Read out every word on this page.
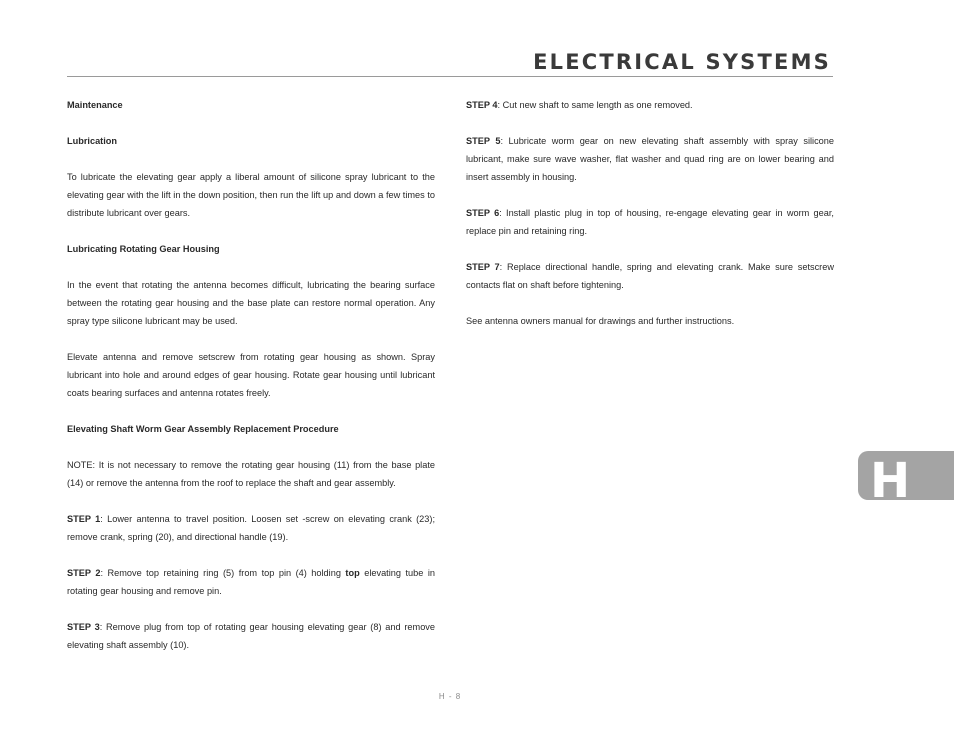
ELECTRICAL SYSTEMS

Maintenance

Lubrication

To lubricate the elevating gear apply a liberal amount of silicone spray lubricant to the elevating gear with the lift in the down position, then run the lift up and down a few times to distribute lubricant over gears.

Lubricating Rotating Gear Housing

In the event that rotating the antenna becomes difficult, lubricating the bearing surface between the rotating gear housing and the base plate can restore normal operation. Any spray type silicone lubricant may be used.

Elevate antenna and remove setscrew from rotating gear housing as shown. Spray lubricant into hole and around edges of gear housing. Rotate gear housing until lubricant coats bearing surfaces and antenna rotates freely.

Elevating Shaft Worm Gear Assembly Replacement Procedure

NOTE: It is not necessary to remove the rotating gear housing (11) from the base plate (14) or remove the antenna from the roof to replace the shaft and gear assembly.

STEP 1: Lower antenna to travel position. Loosen set -screw on elevating crank (23); remove crank, spring (20), and directional handle (19).

STEP 2: Remove top retaining ring (5) from top pin (4) holding top elevating tube in rotating gear housing and remove pin.

STEP 3: Remove plug from top of rotating gear housing elevating gear (8) and remove elevating shaft assembly (10).

STEP 4: Cut new shaft to same length as one removed.

STEP 5: Lubricate worm gear on new elevating shaft assembly with spray silicone lubricant, make sure wave washer, flat washer and quad ring are on lower bearing and insert assembly in housing.

STEP 6: Install plastic plug in top of housing, re-engage elevating gear in worm gear, replace pin and retaining ring.

STEP 7: Replace directional handle, spring and elevating crank. Make sure setscrew contacts flat on shaft before tightening.

See antenna owners manual for drawings and further instructions.

H
H - 8
